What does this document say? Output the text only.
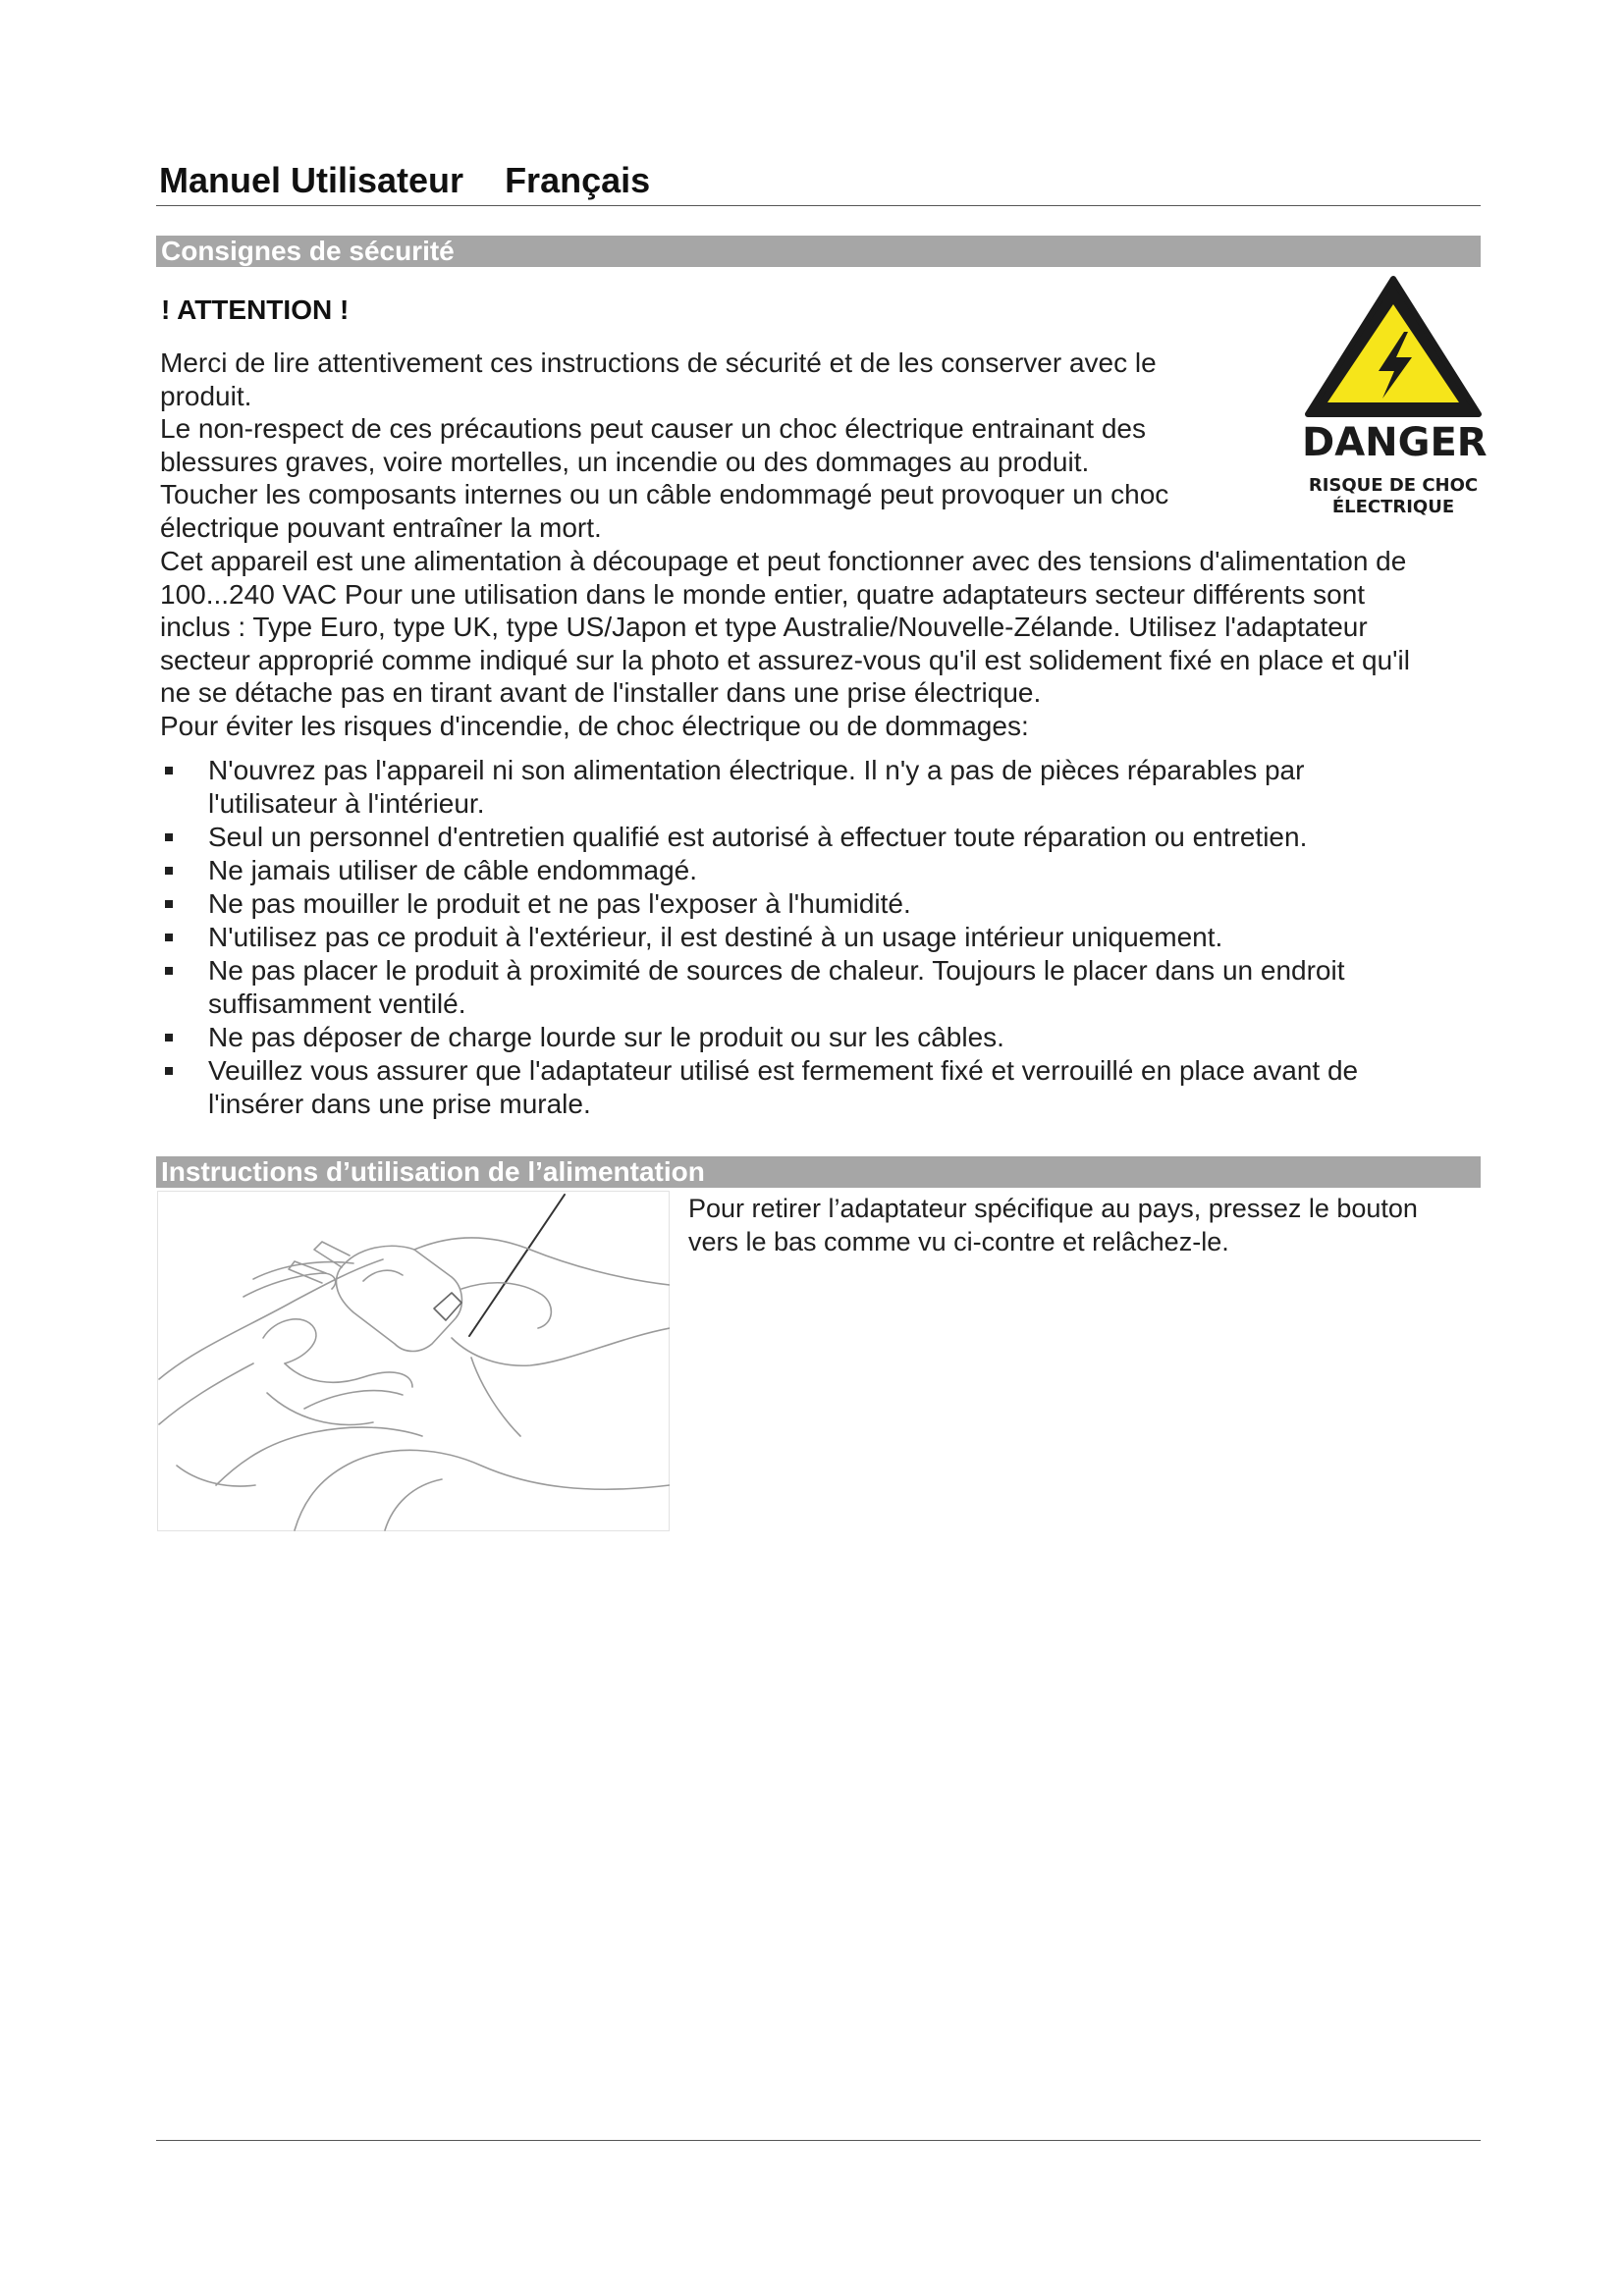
Manuel Utilisateur Français
Consignes de sécurité
! ATTENTION !
Merci de lire attentivement ces instructions de sécurité et de les conserver avec le
produit.
Le non-respect de ces précautions peut causer un choc électrique entrainant des
blessures graves, voire mortelles, un incendie ou des dommages au produit.
Toucher les composants internes ou un câble endommagé peut provoquer un choc
électrique pouvant entraîner la mort.
Cet appareil est une alimentation à découpage et peut fonctionner avec des tensions d'alimentation de
100...240 VAC Pour une utilisation dans le monde entier, quatre adaptateurs secteur différents sont
inclus : Type Euro, type UK, type US/Japon et type Australie/Nouvelle-Zélande. Utilisez l'adaptateur
secteur approprié comme indiqué sur la photo et assurez-vous qu'il est solidement fixé en place et qu'il
ne se détache pas en tirant avant de l'installer dans une prise électrique.
Pour éviter les risques d'incendie, de choc électrique ou de dommages:
DANGER
RISQUE DE CHOC
ÉLECTRIQUE
N'ouvrez pas l'appareil ni son alimentation électrique. Il n'y a pas de pièces réparables par
l'utilisateur à l'intérieur.
Seul un personnel d'entretien qualifié est autorisé à effectuer toute réparation ou entretien.
Ne jamais utiliser de câble endommagé.
Ne pas mouiller le produit et ne pas l'exposer à l'humidité.
N'utilisez pas ce produit à l'extérieur, il est destiné à un usage intérieur uniquement.
Ne pas placer le produit à proximité de sources de chaleur. Toujours le placer dans un endroit
suffisamment ventilé.
Ne pas déposer de charge lourde sur le produit ou sur les câbles.
Veuillez vous assurer que l'adaptateur utilisé est fermement fixé et verrouillé en place avant de
l'insérer dans une prise murale.
Instructions d’utilisation de l’alimentation
Pour retirer l’adaptateur spécifique au pays, pressez le bouton
vers le bas comme vu ci-contre et relâchez-le.
